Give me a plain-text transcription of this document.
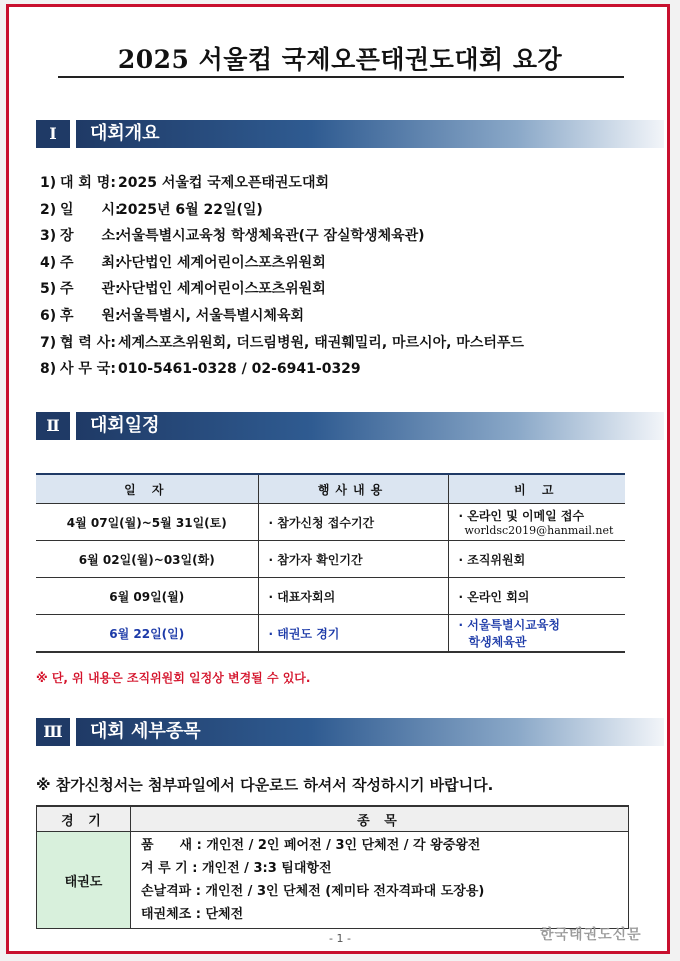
2025 서울컵 국제오픈태권도대회 요강
Ⅰ	대회개요
1) 대 회 명: 2025 서울컵 국제오픈태권도대회
2) 일　　시:
2025년 6월 22일(일)
3) 장　　소:
서울특별시교육청 학생체육관(구 잠실학생체육관)
4) 주　　최:
사단법인 세계어린이스포츠위원회
5) 주　　관:
사단법인 세계어린이스포츠위원회
6) 후　　원:
서울특별시, 서울특별시체육회
7) 협 력 사: 세계스포츠위원회, 더드림병원, 태권훼밀리, 마르시아, 마스터푸드
8) 사 무 국: 010-5461-0328 / 02-6941-0329
Ⅱ	대회일정
일 자	행사내용	비 고
4월 07일(월)~5월 31일(토)	· 참가신청 접수기간	· 온라인 및 이메일 접수
worldsc2019@hanmail.net

6월 02일(월)~03일(화)	· 참가자 확인기간	· 조직위원회
6월 09일(월)	· 대표자회의	· 온라인 회의
6월 22일(일)	· 태권도 경기	· 서울특별시교육청
학생체육관
※ 단, 위 내용은 조직위원회 일정상 변경될 수 있다.
Ⅲ	대회 세부종목
※ 참가신청서는 첨부파일에서 다운로드 하셔서 작성하시기 바랍니다.
경 기	종 목
태권도	품　　새 : 개인전 / 2인 페어전 / 3인 단체전 / 각 왕중왕전
겨 루 기 : 개인전 / 3:3 팀대항전
손날격파 : 개인전 / 3인 단체전 (제미타 전자격파대 도장용)
태권체조 : 단체전
- 1 -	한국태권도신문
